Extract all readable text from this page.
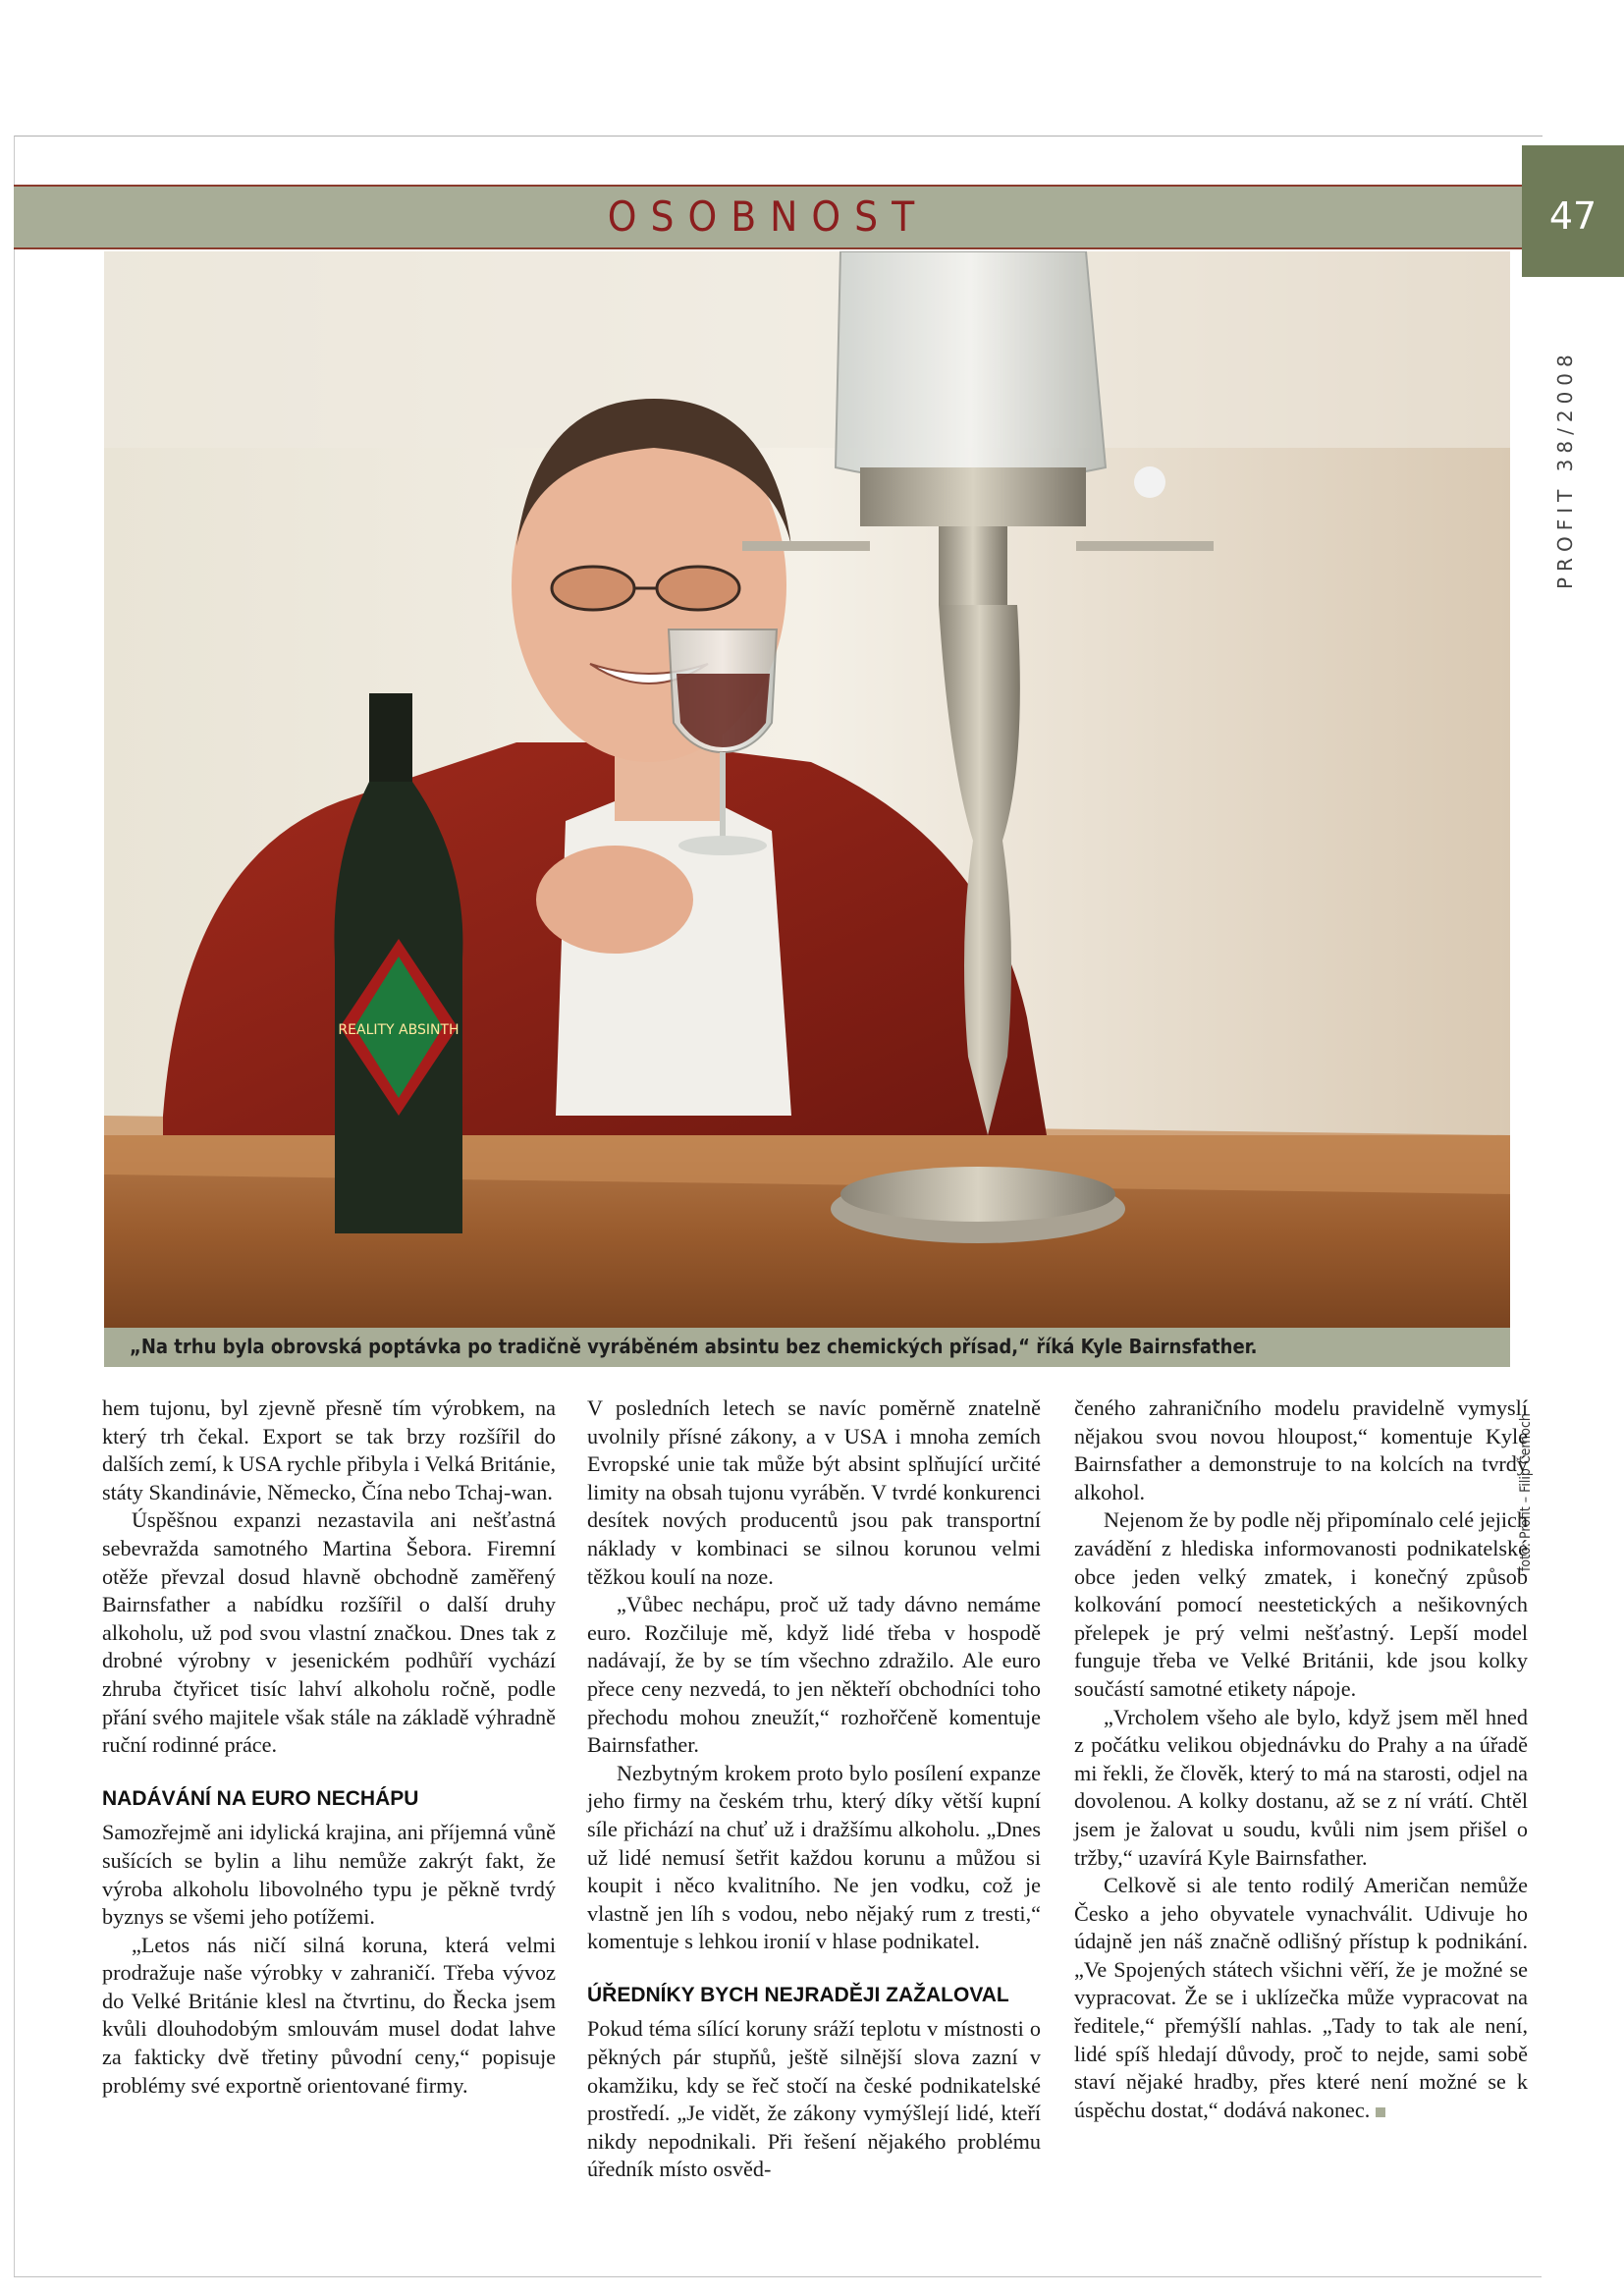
OSOBNOST	47
PROFIT 38/2008
REALITY ABSINTH
foto: Profit – Filip Černoch
„Na trhu byla obrovská poptávka po tradičně vyráběném absintu bez chemických přísad,“ říká Kyle Bairnsfather.

hem tujonu, byl zjevně přesně tím výrobkem, na který trh čekal. Export se tak brzy rozšířil do dalších zemí, k USA rychle přibyla i Velká Británie, státy Skandinávie, Německo, Čína nebo Tchaj-wan.

Úspěšnou expanzi nezastavila ani nešťastná sebevražda samotného Martina Šebora. Firemní otěže převzal dosud hlavně obchodně zaměřený Bairnsfather a nabídku rozšířil o další druhy alkoholu, už pod svou vlastní značkou. Dnes tak z drobné výrobny v jesenickém podhůří vychází zhruba čtyřicet tisíc lahví alkoholu ročně, podle přání svého majitele však stále na základě výhradně ruční rodinné práce.

NADÁVÁNÍ NA EURO NECHÁPU

Samozřejmě ani idylická krajina, ani příjemná vůně sušících se bylin a lihu nemůže zakrýt fakt, že výroba alkoholu libovolného typu je pěkně tvrdý byznys se všemi jeho potížemi.

„Letos nás ničí silná koruna, která velmi prodražuje naše výrobky v zahraničí. Třeba vývoz do Velké Británie klesl na čtvrtinu, do Řecka jsem kvůli dlouhodobým smlouvám musel dodat lahve za fakticky dvě třetiny původní ceny,“ popisuje problémy své exportně orientované firmy.

V posledních letech se navíc poměrně znatelně uvolnily přísné zákony, a v USA i mnoha zemích Evropské unie tak může být absint splňující určité limity na obsah tujonu vyráběn. V tvrdé konkurenci desítek nových producentů jsou pak transportní náklady v kombinaci se silnou korunou velmi těžkou koulí na noze.

„Vůbec nechápu, proč už tady dávno nemáme euro. Rozčiluje mě, když lidé třeba v hospodě nadávají, že by se tím všechno zdražilo. Ale euro přece ceny nezvedá, to jen někteří obchodníci toho přechodu mohou zneužít,“ rozhořčeně komentuje Bairnsfather.

Nezbytným krokem proto bylo posílení expanze jeho firmy na českém trhu, který díky větší kupní síle přichází na chuť už i dražšímu alkoholu. „Dnes už lidé nemusí šetřit každou korunu a můžou si koupit i něco kvalitního. Ne jen vodku, což je vlastně jen líh s vodou, nebo nějaký rum z tresti,“ komentuje s lehkou ironií v hlase podnikatel.

ÚŘEDNÍKY BYCH NEJRADĚJI ZAŽALOVAL

Pokud téma sílící koruny sráží teplotu v místnosti o pěkných pár stupňů, ještě silnější slova zazní v okamžiku, kdy se řeč stočí na české podnikatelské prostředí. „Je vidět, že zákony vymýšlejí lidé, kteří nikdy nepodnikali. Při řešení nějakého problému úředník místo osvěd-

čeného zahraničního modelu pravidelně vymyslí nějakou svou novou hloupost,“ komentuje Kyle Bairnsfather a demonstruje to na kolcích na tvrdý alkohol.

Nejenom že by podle něj připomínalo celé jejich zavádění z hlediska informovanosti podnikatelské obce jeden velký zmatek, i konečný způsob kolkování pomocí neestetických a nešikovných přelepek je prý velmi nešťastný. Lepší model funguje třeba ve Velké Británii, kde jsou kolky součástí samotné etikety nápoje.

„Vrcholem všeho ale bylo, když jsem měl hned z počátku velikou objednávku do Prahy a na úřadě mi řekli, že člověk, který to má na starosti, odjel na dovolenou. A kolky dostanu, až se z ní vrátí. Chtěl jsem je žalovat u soudu, kvůli nim jsem přišel o tržby,“ uzavírá Kyle Bairnsfather.

Celkově si ale tento rodilý Američan nemůže Česko a jeho obyvatele vynachválit. Udivuje ho údajně jen náš značně odlišný přístup k podnikání. „Ve Spojených státech všichni věří, že je možné se vypracovat. Že se i uklízečka může vypracovat na ředitele,“ přemýšlí nahlas. „Tady to tak ale není, lidé spíš hledají důvody, proč to nejde, sami sobě staví nějaké hradby, přes které není možné se k úspěchu dostat,“ dodává nakonec.
